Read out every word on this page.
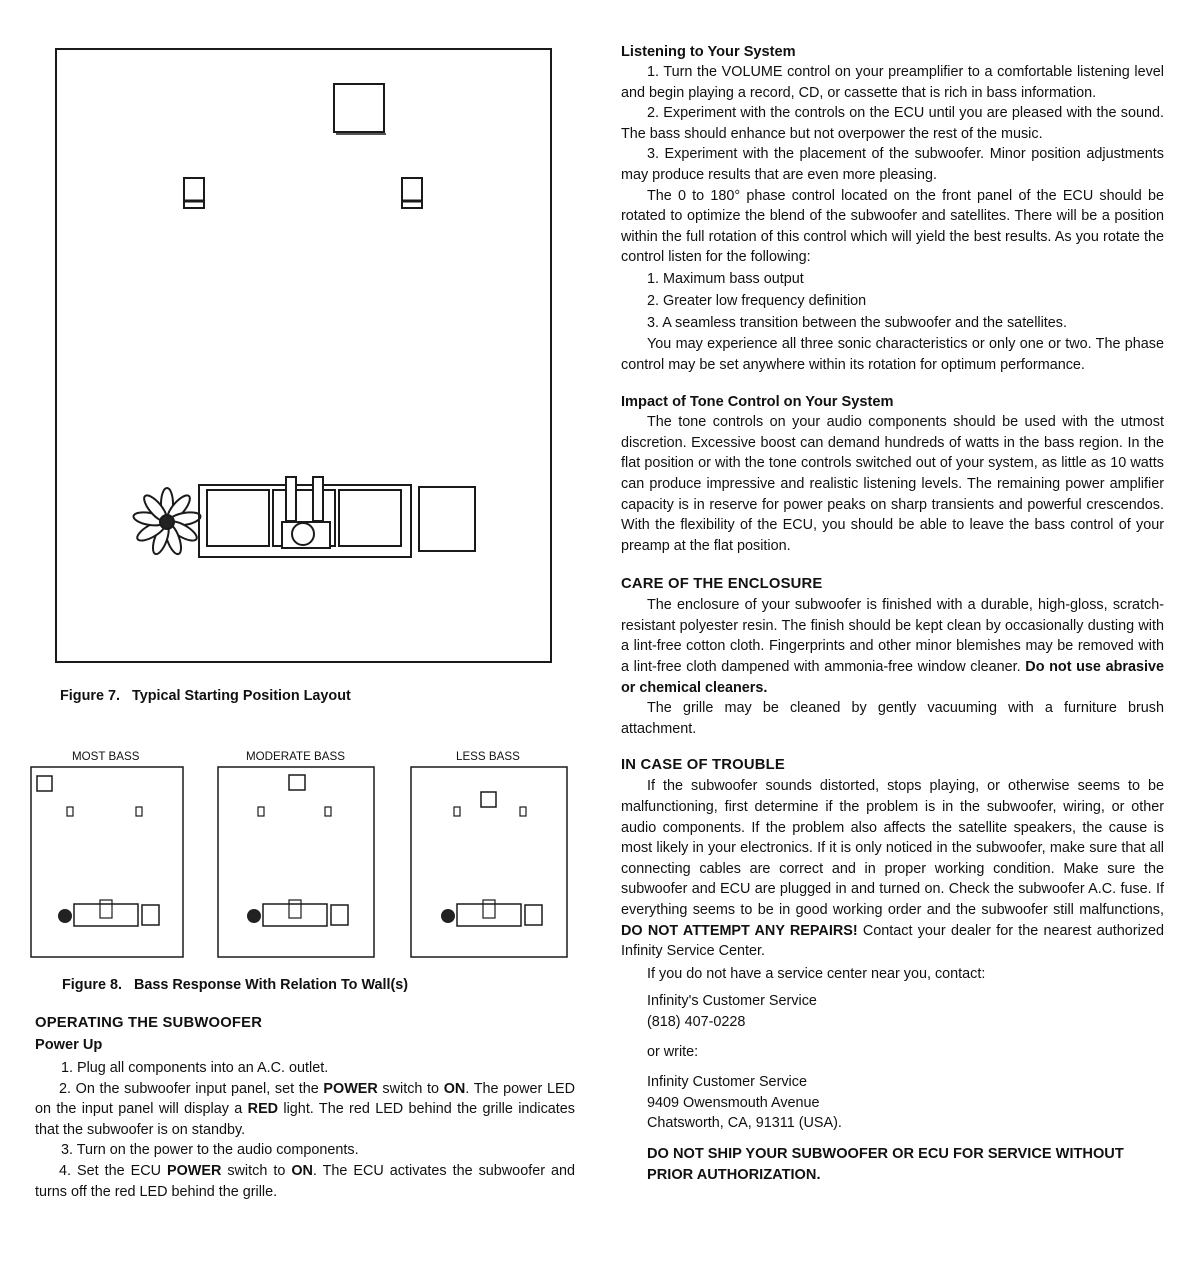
Figure 7.   Typical Starting Position Layout

MOST BASS	MODERATE BASS	LESS BASS

Figure 8.   Bass Response With Relation To Wall(s)

OPERATING THE SUBWOOFER

Power Up

1. Plug all components into an A.C. outlet.

2. On the subwoofer input panel, set the POWER switch to ON. The power LED on the input panel will display a RED light. The red LED behind the grille indicates that the subwoofer is on standby.

3. Turn on the power to the audio components.

4. Set the ECU POWER switch to ON. The ECU activates the subwoofer and turns off the red LED behind the grille.

Listening to Your System

1. Turn the VOLUME control on your preamplifier to a comfortable listening level and begin playing a record, CD, or cassette that is rich in bass information.

2. Experiment with the controls on the ECU until you are pleased with the sound. The bass should enhance but not overpower the rest of the music.

3. Experiment with the placement of the subwoofer. Minor position adjustments may produce results that are even more pleasing.

The 0 to 180° phase control located on the front panel of the ECU should be rotated to optimize the blend of the subwoofer and satellites. There will be a position within the full rotation of this control which will yield the best results. As you rotate the control listen for the following:

1. Maximum bass output

2. Greater low frequency definition

3. A seamless transition between the subwoofer and the satellites.

You may experience all three sonic characteristics or only one or two. The phase control may be set anywhere within its rotation for optimum performance.

Impact of Tone Control on Your System

The tone controls on your audio components should be used with the utmost discretion. Excessive boost can demand hundreds of watts in the bass region. In the flat position or with the tone controls switched out of your system, as little as 10 watts can produce impressive and realistic listening levels. The remaining power amplifier capacity is in reserve for power peaks on sharp transients and powerful crescendos. With the flexibility of the ECU, you should be able to leave the bass control of your preamp at the flat position.

CARE OF THE ENCLOSURE

The enclosure of your subwoofer is finished with a durable, high-gloss, scratch-resistant polyester resin. The finish should be kept clean by occasionally dusting with a lint-free cotton cloth. Fingerprints and other minor blemishes may be removed with a lint-free cloth dampened with ammonia-free window cleaner. Do not use abrasive or chemical cleaners.

The grille may be cleaned by gently vacuuming with a furniture brush attachment.

IN CASE OF TROUBLE

If the subwoofer sounds distorted, stops playing, or otherwise seems to be malfunctioning, first determine if the problem is in the subwoofer, wiring, or other audio components. If the problem also affects the satellite speakers, the cause is most likely in your electronics. If it is only noticed in the subwoofer, make sure that all connecting cables are correct and in proper working condition. Make sure the subwoofer and ECU are plugged in and turned on. Check the subwoofer A.C. fuse. If everything seems to be in good working order and the subwoofer still malfunctions, DO NOT ATTEMPT ANY REPAIRS! Contact your dealer for the nearest authorized Infinity Service Center.

If you do not have a service center near you, contact:

Infinity's Customer Service

(818) 407-0228

or write:

Infinity Customer Service

9409 Owensmouth Avenue

Chatsworth, CA, 91311 (USA).

DO NOT SHIP YOUR SUBWOOFER OR ECU FOR SERVICE WITHOUT PRIOR AUTHORIZATION.
